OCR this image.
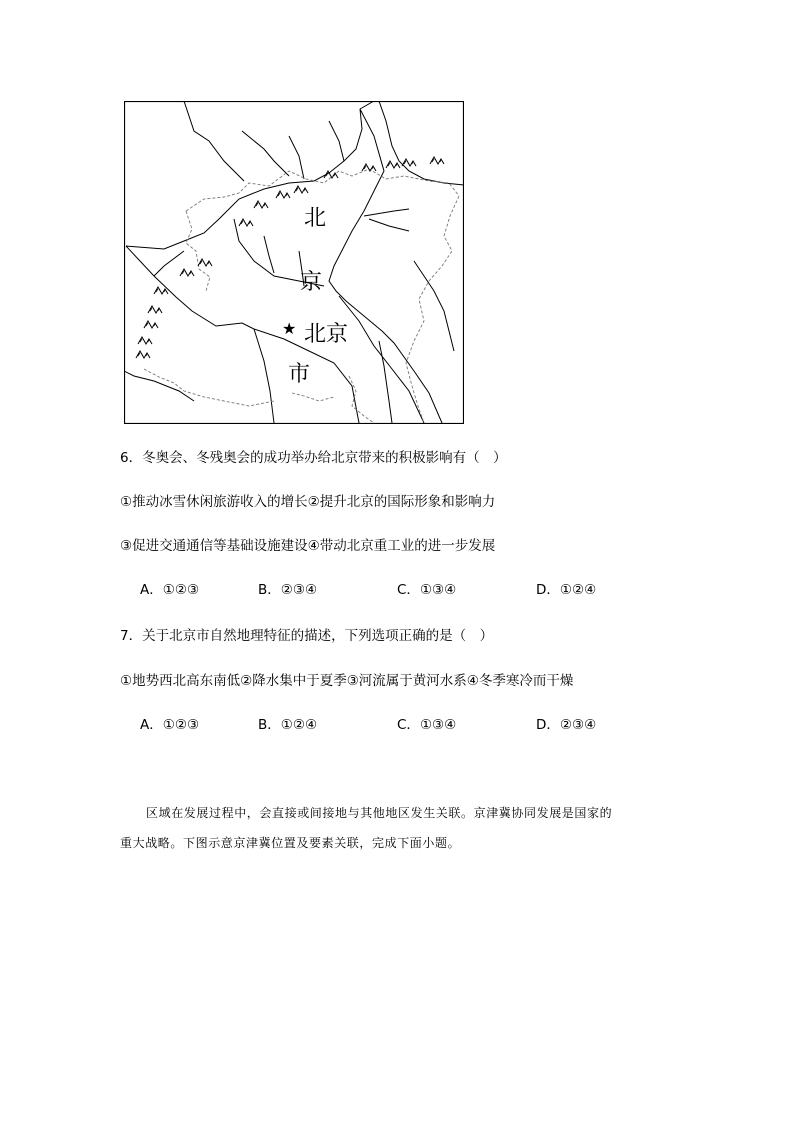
北
京
市
★ 北京
6．冬奥会、冬残奥会的成功举办给北京带来的积极影响有（　）
①推动冰雪休闲旅游收入的增长②提升北京的国际形象和影响力
③促进交通通信等基础设施建设④带动北京重工业的进一步发展
A．①②③	B．②③④	C．①③④	D．①②④
7．关于北京市自然地理特征的描述，下列选项正确的是（　）
①地势西北高东南低②降水集中于夏季③河流属于黄河水系④冬季寒冷而干燥
A．①②③	B．①②④	C．①③④	D．②③④
区域在发展过程中，会直接或间接地与其他地区发生关联。京津冀协同发展是国家的
重大战略。下图示意京津冀位置及要素关联，完成下面小题。
